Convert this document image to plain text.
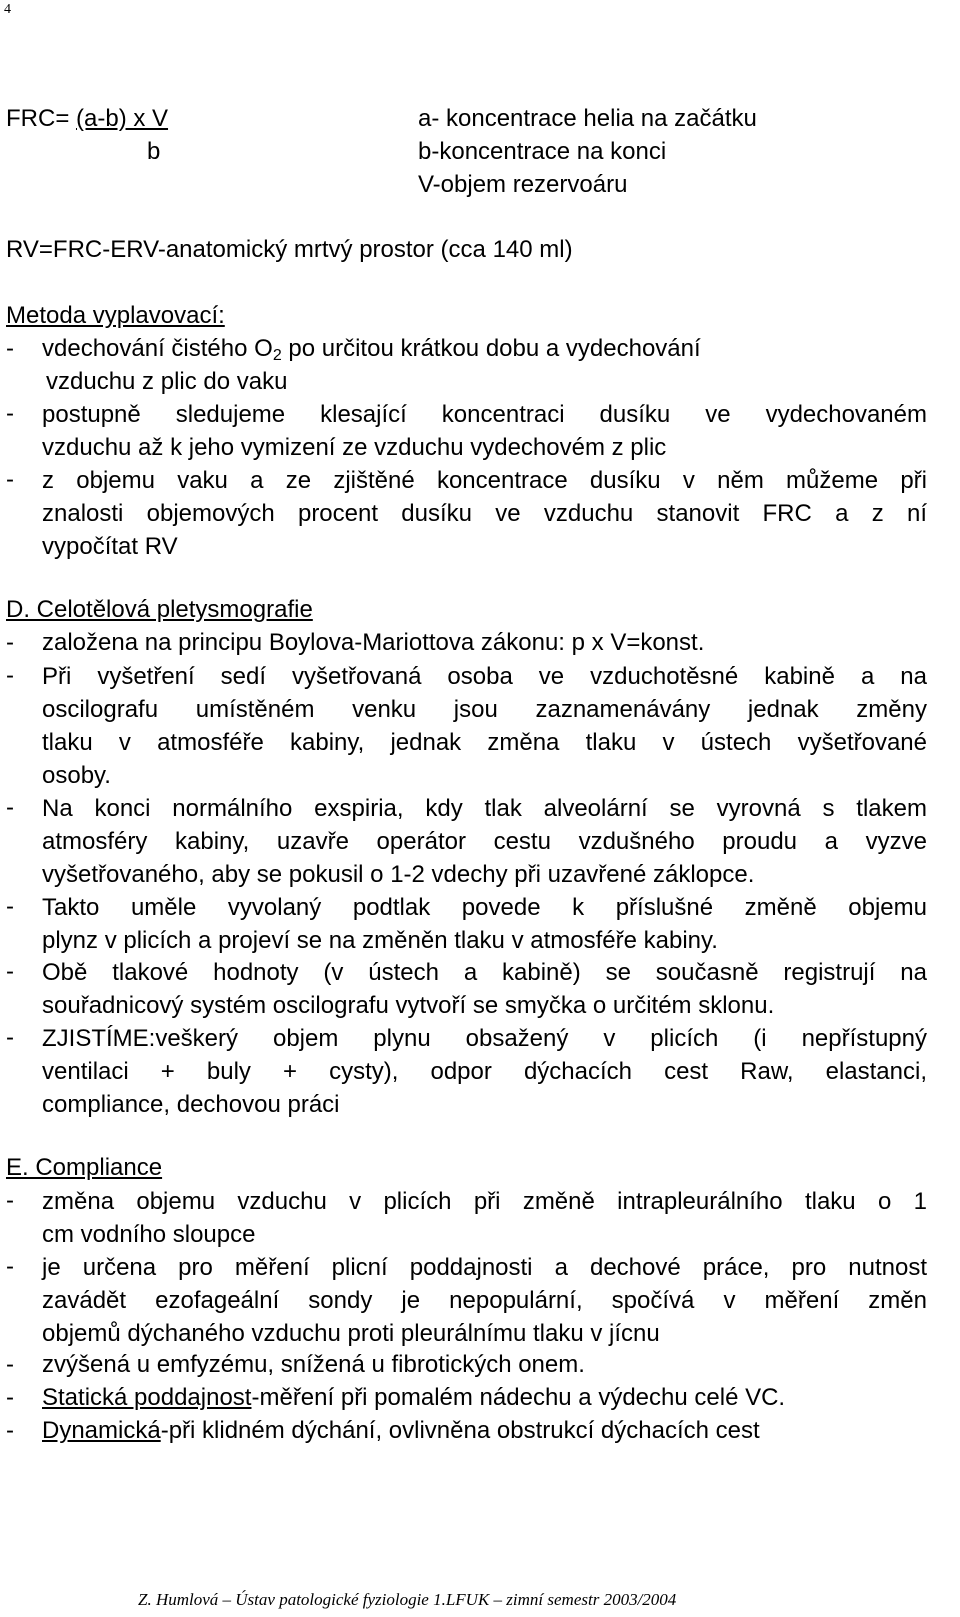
4
FRC= (a-b) x V
b
a- koncentrace helia na začátku
b-koncentrace na konci
V-objem rezervoáru
RV=FRC-ERV-anatomický mrtvý prostor (cca 140 ml)
Metoda vyplavovací:
- vdechování čistého $O_2$ po určitou krátkou dobu a vydechování
vzduchu z plic do vaku
- postupně sledujeme klesající koncentraci dusíku ve vydechovaném
vzduchu až k jeho vymizení ze vzduchu vydechovém z plic
- z objemu vaku a ze zjištěné koncentrace dusíku v něm můžeme při
znalosti objemových procent dusíku ve vzduchu stanovit FRC a z ní
vypočítat RV
D. Celotělová pletysmografie
- založena na principu Boylova-Mariottova zákonu: p x V=konst.
- Při vyšetření sedí vyšetřovaná osoba ve vzduchotěsné kabině a na
oscilografu umístěném venku jsou zaznamenávány jednak změny
tlaku v atmosféře kabiny, jednak změna tlaku v ústech vyšetřované
osoby.
- Na konci normálního exspiria, kdy tlak alveolární se vyrovná s tlakem
atmosféry kabiny, uzavře operátor cestu vzdušného proudu a vyzve
vyšetřovaného, aby se pokusil o 1-2 vdechy při uzavřené záklopce.
- Takto uměle vyvolaný podtlak povede k příslušné změně objemu
plynz v plicích a projeví se na změněn tlaku v atmosféře kabiny.
- Obě tlakové hodnoty (v ústech a kabině) se současně registrují na
souřadnicový systém oscilografu vytvoří se smyčka o určitém sklonu.
- ZJISTÍME:veškerý objem plynu obsažený v plicích (i nepřístupný
ventilaci + buly + cysty), odpor dýchacích cest Raw, elastanci,
compliance, dechovou práci
E. Compliance
- změna objemu vzduchu v plicích při změně intrapleurálního tlaku o 1
cm vodního sloupce
- je určena pro měření plicní poddajnosti a dechové práce, pro nutnost
zavádět ezofageální sondy je nepopulární, spočívá v měření změn
objemů dýchaného vzduchu proti pleurálnímu tlaku v jícnu
- zvýšená u emfyzému, snížená u fibrotických onem.
- Statická poddajnost-měření při pomalém nádechu a výdechu celé VC.
- Dynamická-při klidném dýchání, ovlivněna obstrukcí dýchacích cest
Z. Humlová – Ústav patologické fyziologie 1.LFUK – zimní semestr 2003/2004
